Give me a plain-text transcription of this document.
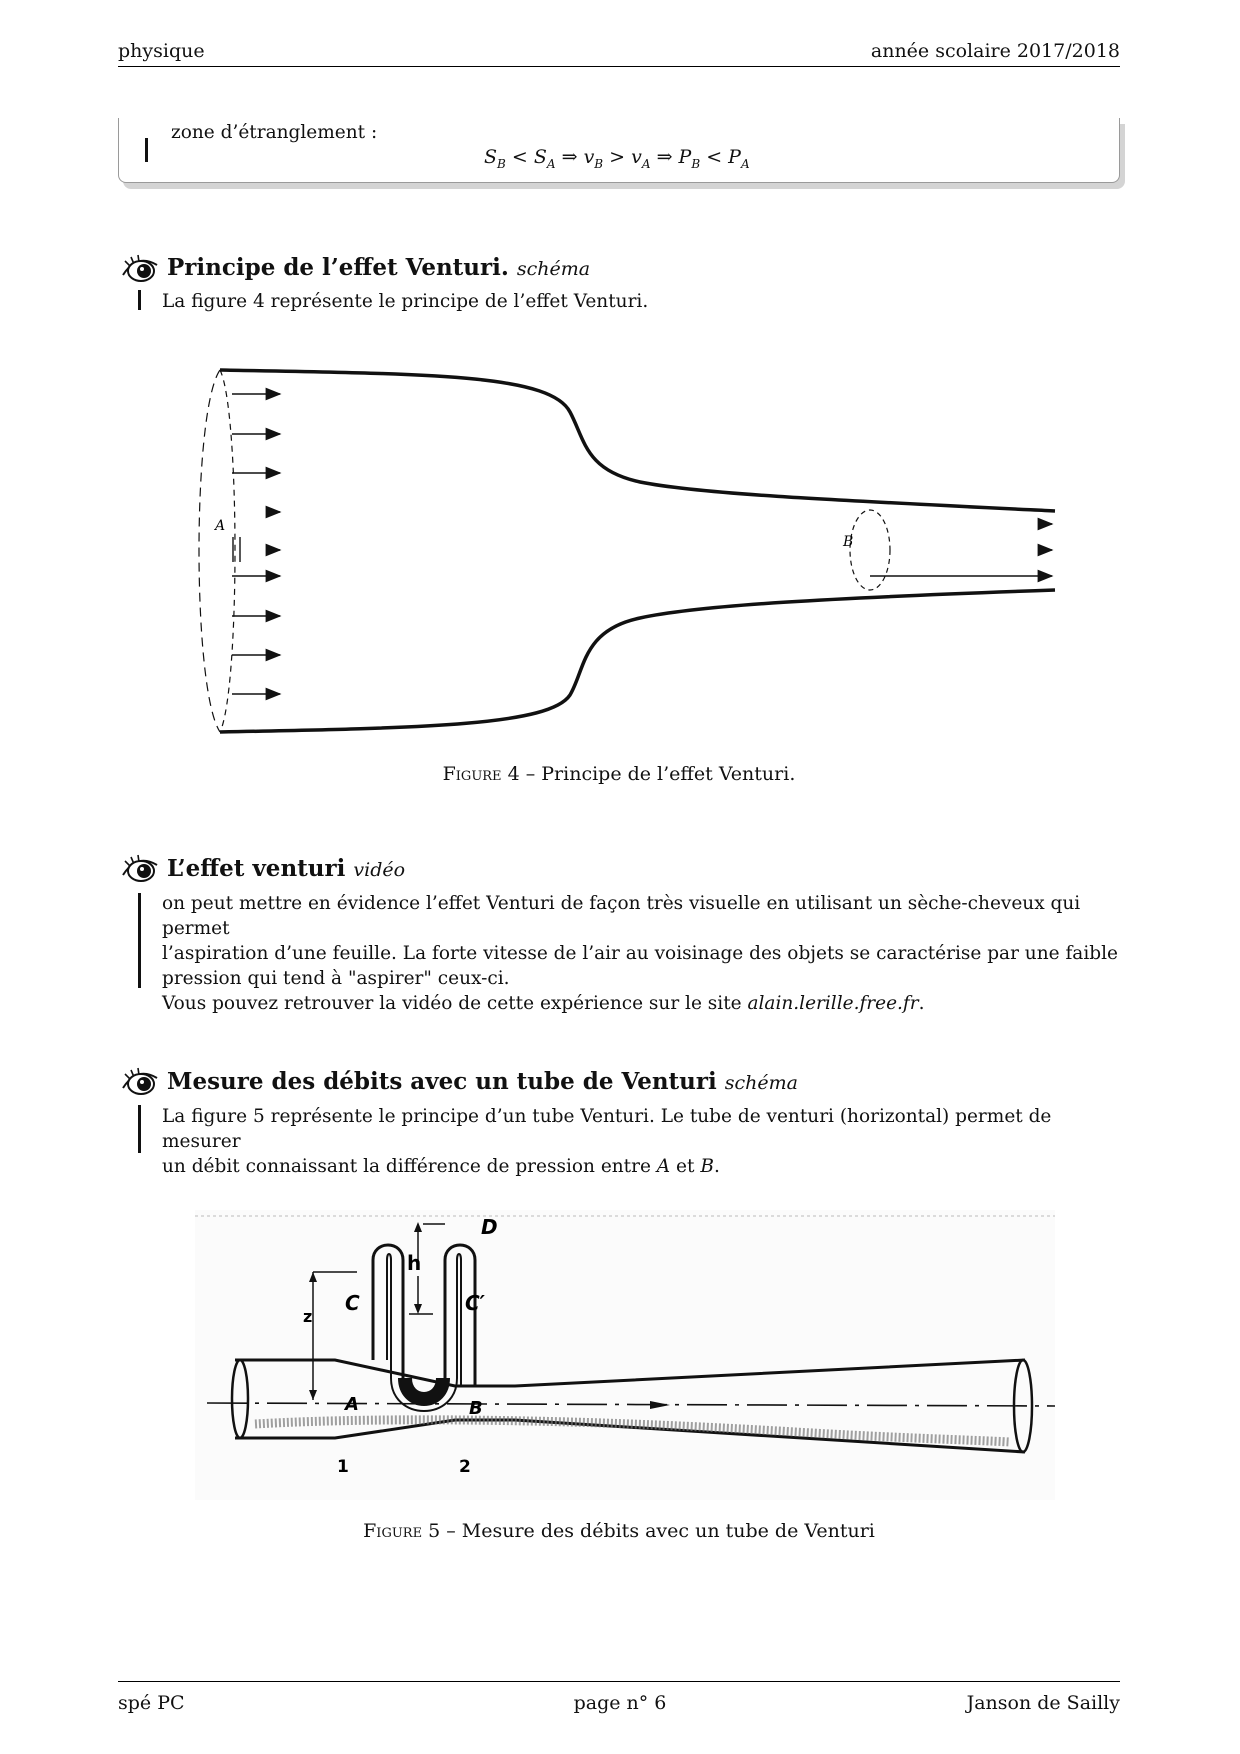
physique	année scolaire 2017/2018
zone d’étranglement :
$S_B < S_A$ ⇒ $v_B > v_A$ ⇒ $P_B < P_A$
Principe de l’effet Venturi. schéma
La figure 4 représente le principe de l’effet Venturi.
A
B
Figure 4 – Principe de l’effet Venturi.
L’effet venturi vidéo
on peut mettre en évidence l’effet Venturi de façon très visuelle en utilisant un sèche-cheveux qui permet
l’aspiration d’une feuille. La forte vitesse de l’air au voisinage des objets se caractérise par une faible
pression qui tend à "aspirer" ceux-ci.
Vous pouvez retrouver la vidéo de cette expérience sur le site alain.lerille.free.fr.
Mesure des débits avec un tube de Venturi schéma
La figure 5 représente le principe d’un tube Venturi. Le tube de venturi (horizontal) permet de mesurer
un débit connaissant la différence de pression entre A et B.
D
h
C	C′
z
A	B
1	2
Figure 5 – Mesure des débits avec un tube de Venturi
spé PC	page n° 6	Janson de Sailly
